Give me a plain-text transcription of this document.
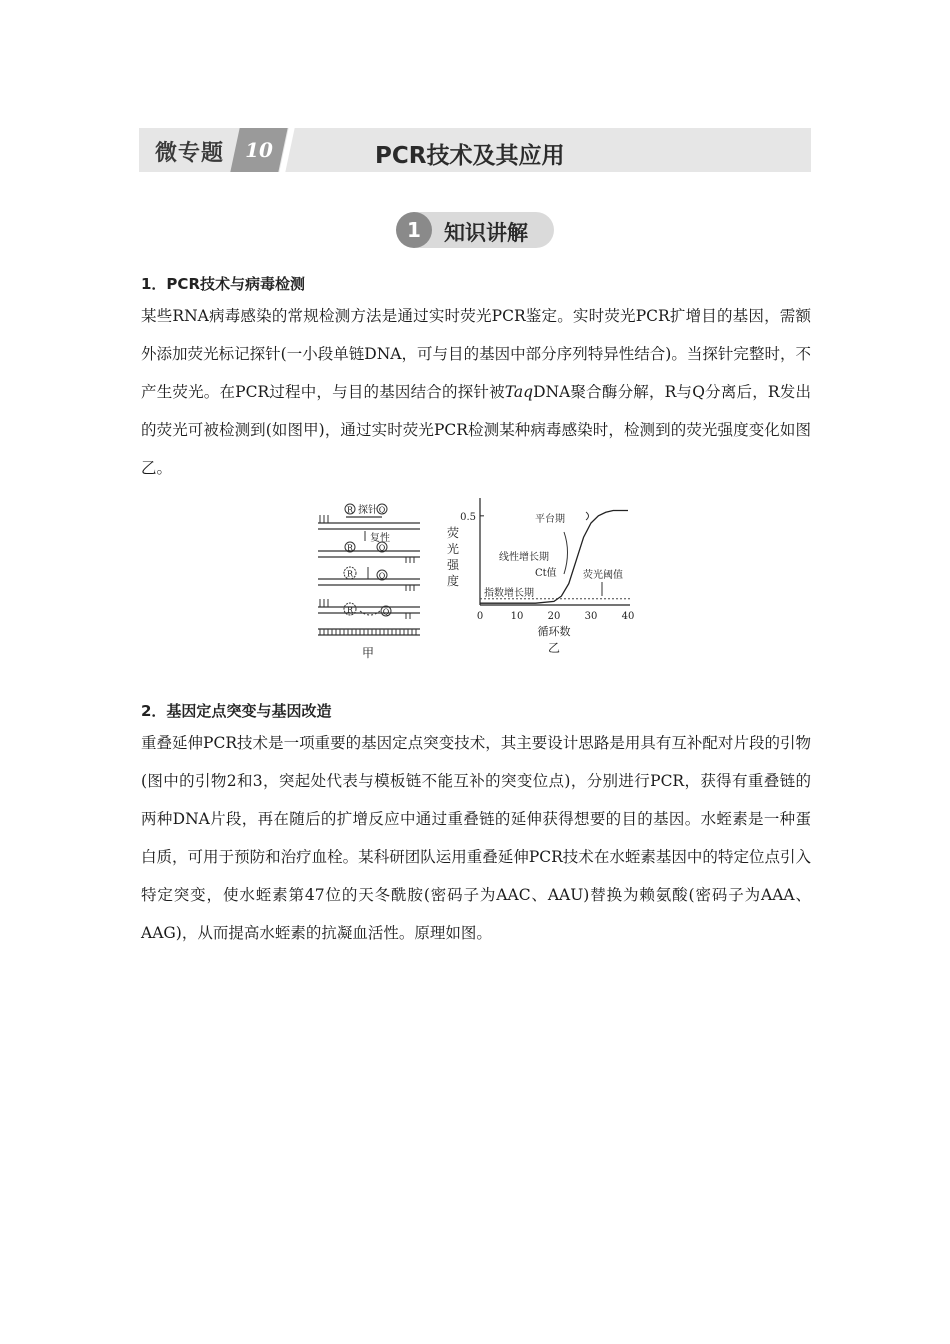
微专题	10	PCR技术及其应用
1	知识讲解
1．PCR技术与病毒检测
某些RNA病毒感染的常规检测方法是通过实时荧光PCR鉴定。实时荧光PCR扩增目的基因，需额外添加荧光标记探针(一小段单链DNA，可与目的基因中部分序列特异性结合)。当探针完整时，不产生荧光。在PCR过程中，与目的基因结合的探针被TaqDNA聚合酶分解，R与Q分离后，R发出的荧光可被检测到(如图甲)，通过实时荧光PCR检测某种病毒感染时，检测到的荧光强度变化如图乙。
R 探针 Q
复性
R	Q
R	Q
R	Q
甲
荧
光
强
度
0.5
0	10 20 30 40
循环数
平台期
线性增长期
Ct值
指数增长期
荧光阈值
乙
2．基因定点突变与基因改造
重叠延伸PCR技术是一项重要的基因定点突变技术，其主要设计思路是用具有互补配对片段的引物(图中的引物2和3，突起处代表与模板链不能互补的突变位点)，分别进行PCR，获得有重叠链的两种DNA片段，再在随后的扩增反应中通过重叠链的延伸获得想要的目的基因。水蛭素是一种蛋白质，可用于预防和治疗血栓。某科研团队运用重叠延伸PCR技术在水蛭素基因中的特定位点引入特定突变，使水蛭素第47位的天冬酰胺(密码子为AAC、AAU)替换为赖氨酸(密码子为AAA、AAG)，从而提高水蛭素的抗凝血活性。原理如图。
